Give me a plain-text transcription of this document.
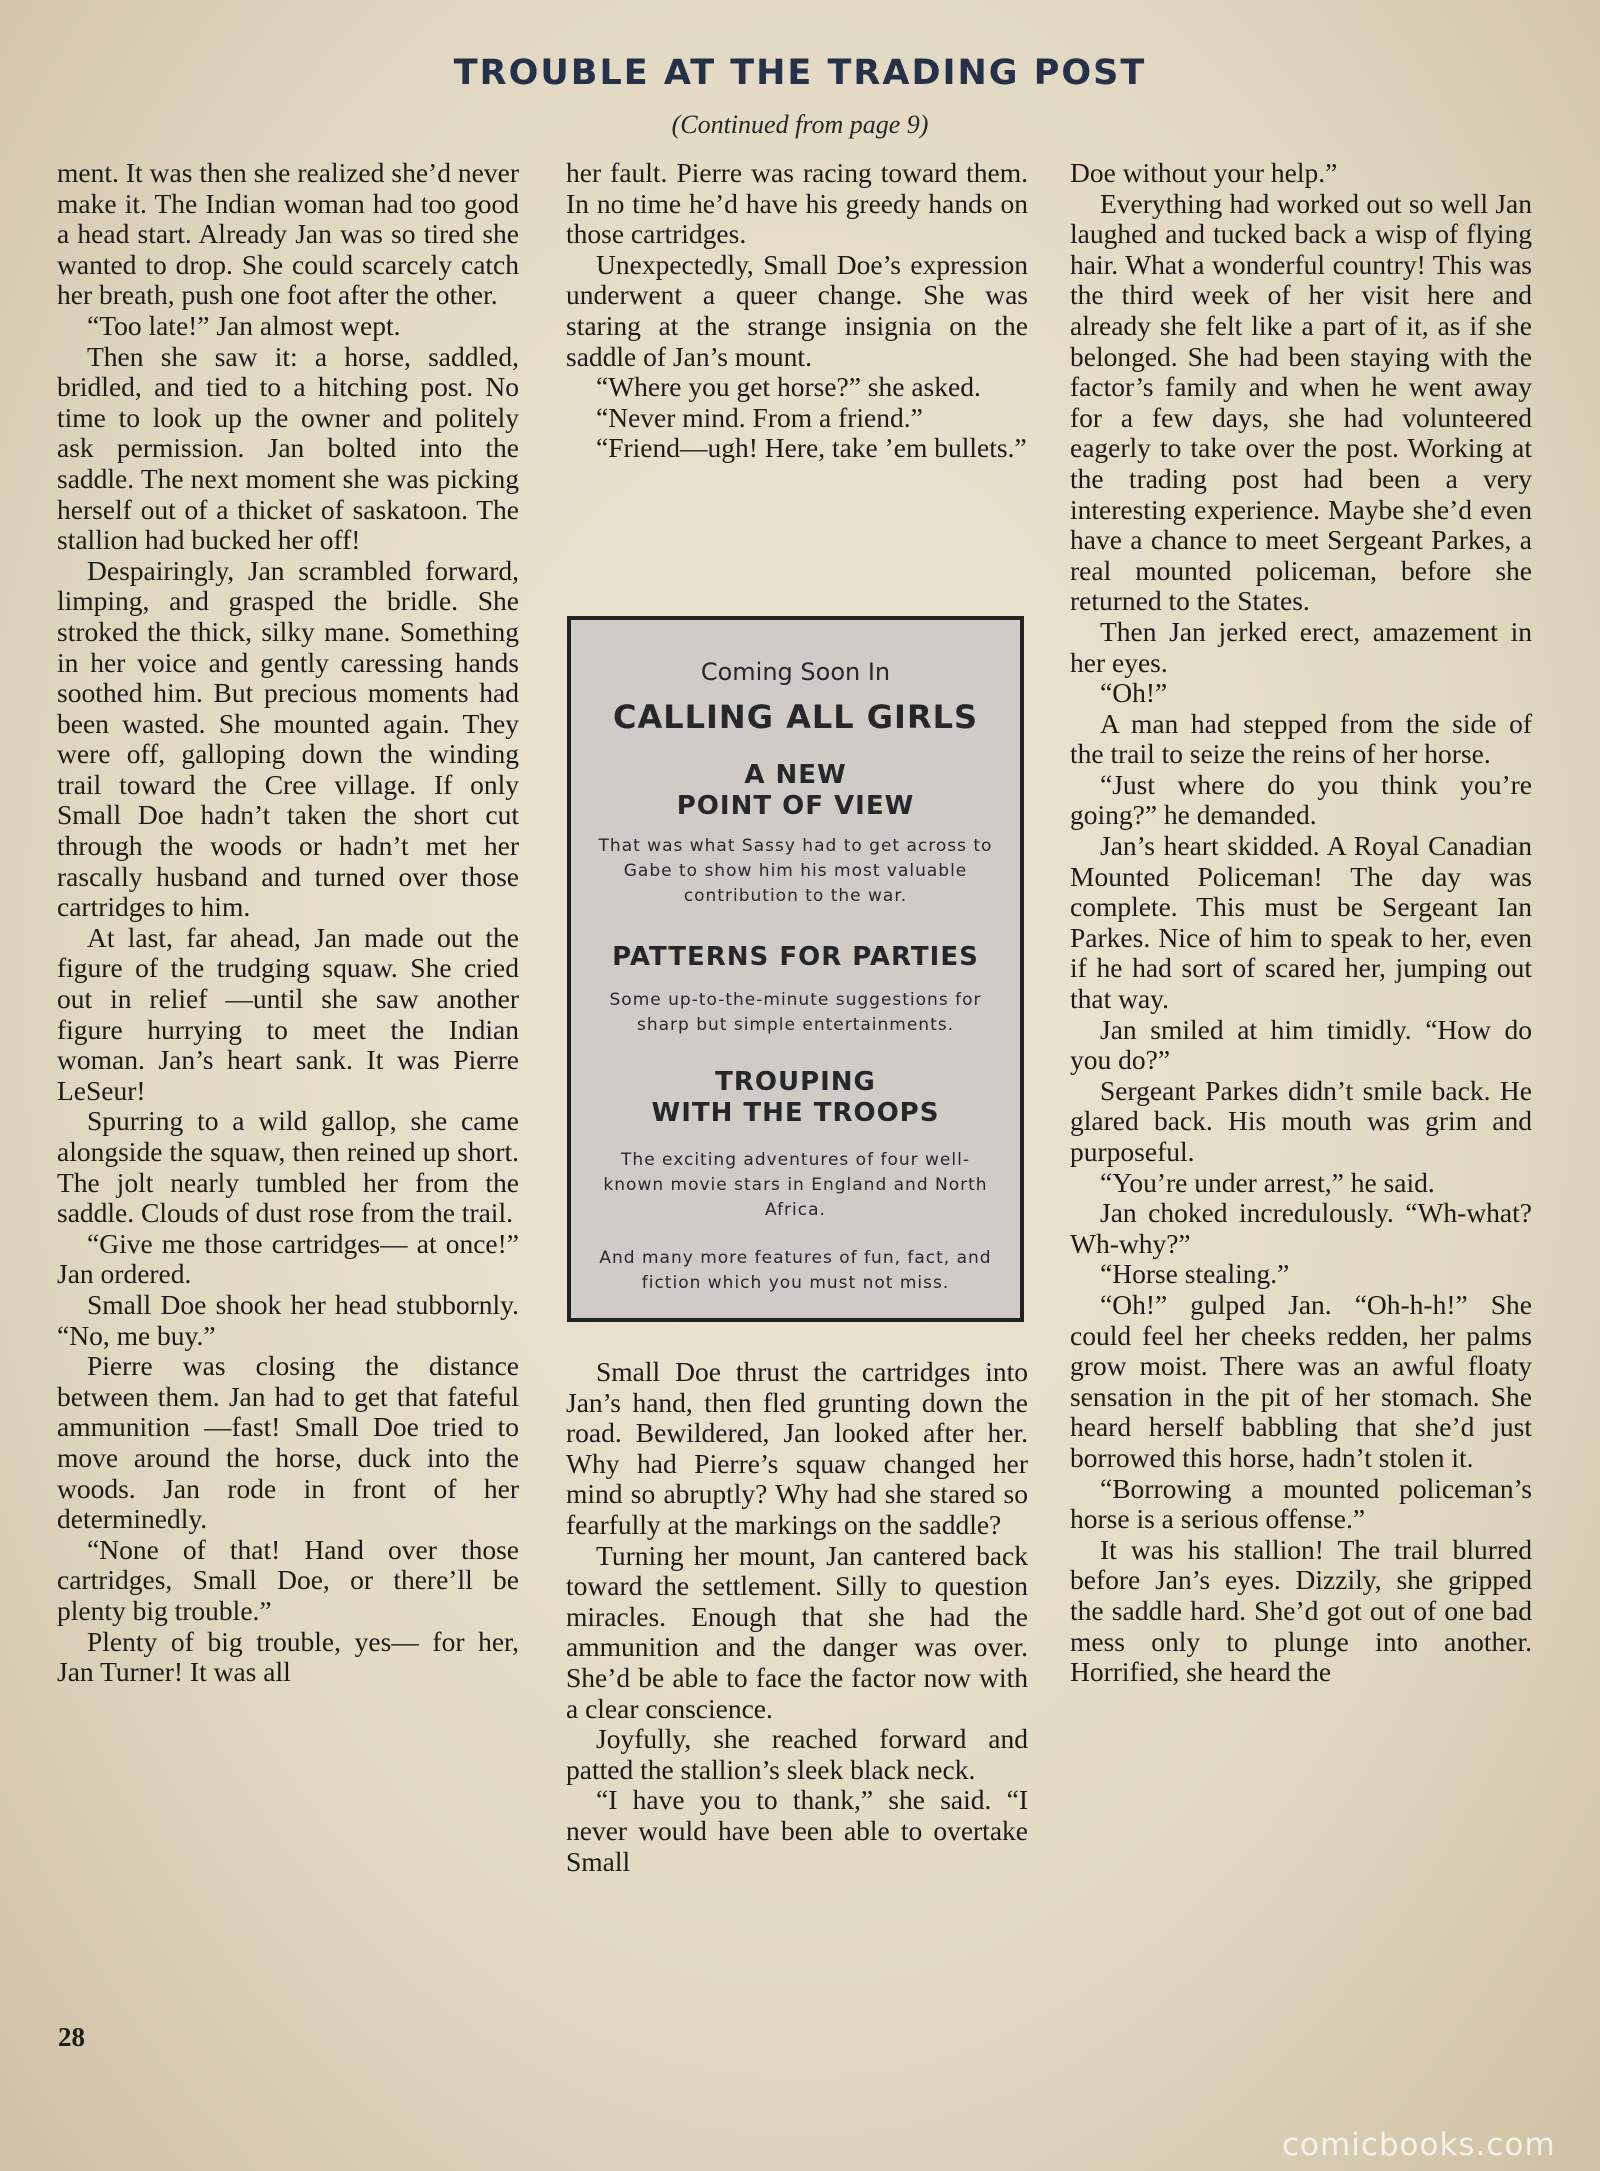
TROUBLE AT THE TRADING POST

(Continued from page 9)

ment. It was then she realized she’d never make it. The Indian woman had too good a head start. Already Jan was so tired she wanted to drop. She could scarcely catch her breath, push one foot after the other.

“Too late!” Jan almost wept.

Then she saw it: a horse, saddled, bridled, and tied to a hitching post. No time to look up the owner and politely ask permission. Jan bolted into the saddle. The next moment she was picking herself out of a thicket of saskatoon. The stallion had bucked her off!

Despairingly, Jan scrambled forward, limping, and grasped the bridle. She stroked the thick, silky mane. Something in her voice and gently caressing hands soothed him. But precious moments had been wasted. She mounted again. They were off, galloping down the winding trail toward the Cree village. If only Small Doe hadn’t taken the short cut through the woods or hadn’t met her rascally husband and turned over those cartridges to him.

At last, far ahead, Jan made out the figure of the trudging squaw. She cried out in relief —until she saw another figure hurrying to meet the Indian woman. Jan’s heart sank. It was Pierre LeSeur!

Spurring to a wild gallop, she came alongside the squaw, then reined up short. The jolt nearly tumbled her from the saddle. Clouds of dust rose from the trail.

“Give me those cartridges— at once!” Jan ordered.

Small Doe shook her head stubbornly. “No, me buy.”

Pierre was closing the distance between them. Jan had to get that fateful ammunition —fast! Small Doe tried to move around the horse, duck into the woods. Jan rode in front of her determinedly.

“None of that! Hand over those cartridges, Small Doe, or there’ll be plenty big trouble.”

Plenty of big trouble, yes— for her, Jan Turner! It was all

her fault. Pierre was racing toward them. In no time he’d have his greedy hands on those cartridges.

Unexpectedly, Small Doe’s expression underwent a queer change. She was staring at the strange insignia on the saddle of Jan’s mount.

“Where you get horse?” she asked.

“Never mind. From a friend.”

“Friend—ugh! Here, take ’em bullets.”

Coming Soon In

CALLING ALL GIRLS

A NEW
POINT OF VIEW

That was what Sassy had to get across to Gabe to show him his most valuable contribution to the war.

PATTERNS FOR PARTIES

Some up-to-the-minute suggestions for sharp but simple entertainments.

TROUPING
WITH THE TROOPS

The exciting adventures of four well-known movie stars in England and North Africa.

And many more features of fun, fact, and fiction which you must not miss.

Small Doe thrust the cartridges into Jan’s hand, then fled grunting down the road. Bewildered, Jan looked after her. Why had Pierre’s squaw changed her mind so abruptly? Why had she stared so fearfully at the markings on the saddle?

Turning her mount, Jan cantered back toward the settlement. Silly to question miracles. Enough that she had the ammunition and the danger was over. She’d be able to face the factor now with a clear conscience.

Joyfully, she reached forward and patted the stallion’s sleek black neck.

“I have you to thank,” she said. “I never would have been able to overtake Small

Doe without your help.”

Everything had worked out so well Jan laughed and tucked back a wisp of flying hair. What a wonderful country! This was the third week of her visit here and already she felt like a part of it, as if she belonged. She had been staying with the factor’s family and when he went away for a few days, she had volunteered eagerly to take over the post. Working at the trading post had been a very interesting experience. Maybe she’d even have a chance to meet Sergeant Parkes, a real mounted policeman, before she returned to the States.

Then Jan jerked erect, amazement in her eyes.

“Oh!”

A man had stepped from the side of the trail to seize the reins of her horse.

“Just where do you think you’re going?” he demanded.

Jan’s heart skidded. A Royal Canadian Mounted Policeman! The day was complete. This must be Sergeant Ian Parkes. Nice of him to speak to her, even if he had sort of scared her, jumping out that way.

Jan smiled at him timidly. “How do you do?”

Sergeant Parkes didn’t smile back. He glared back. His mouth was grim and purposeful.

“You’re under arrest,” he said.

Jan choked incredulously. “Wh-what? Wh-why?”

“Horse stealing.”

“Oh!” gulped Jan. “Oh-h-h!” She could feel her cheeks redden, her palms grow moist. There was an awful floaty sensation in the pit of her stomach. She heard herself babbling that she’d just borrowed this horse, hadn’t stolen it.

“Borrowing a mounted policeman’s horse is a serious offense.”

It was his stallion! The trail blurred before Jan’s eyes. Dizzily, she gripped the saddle hard. She’d got out of one bad mess only to plunge into another. Horrified, she heard the

28

comicbooks.com
